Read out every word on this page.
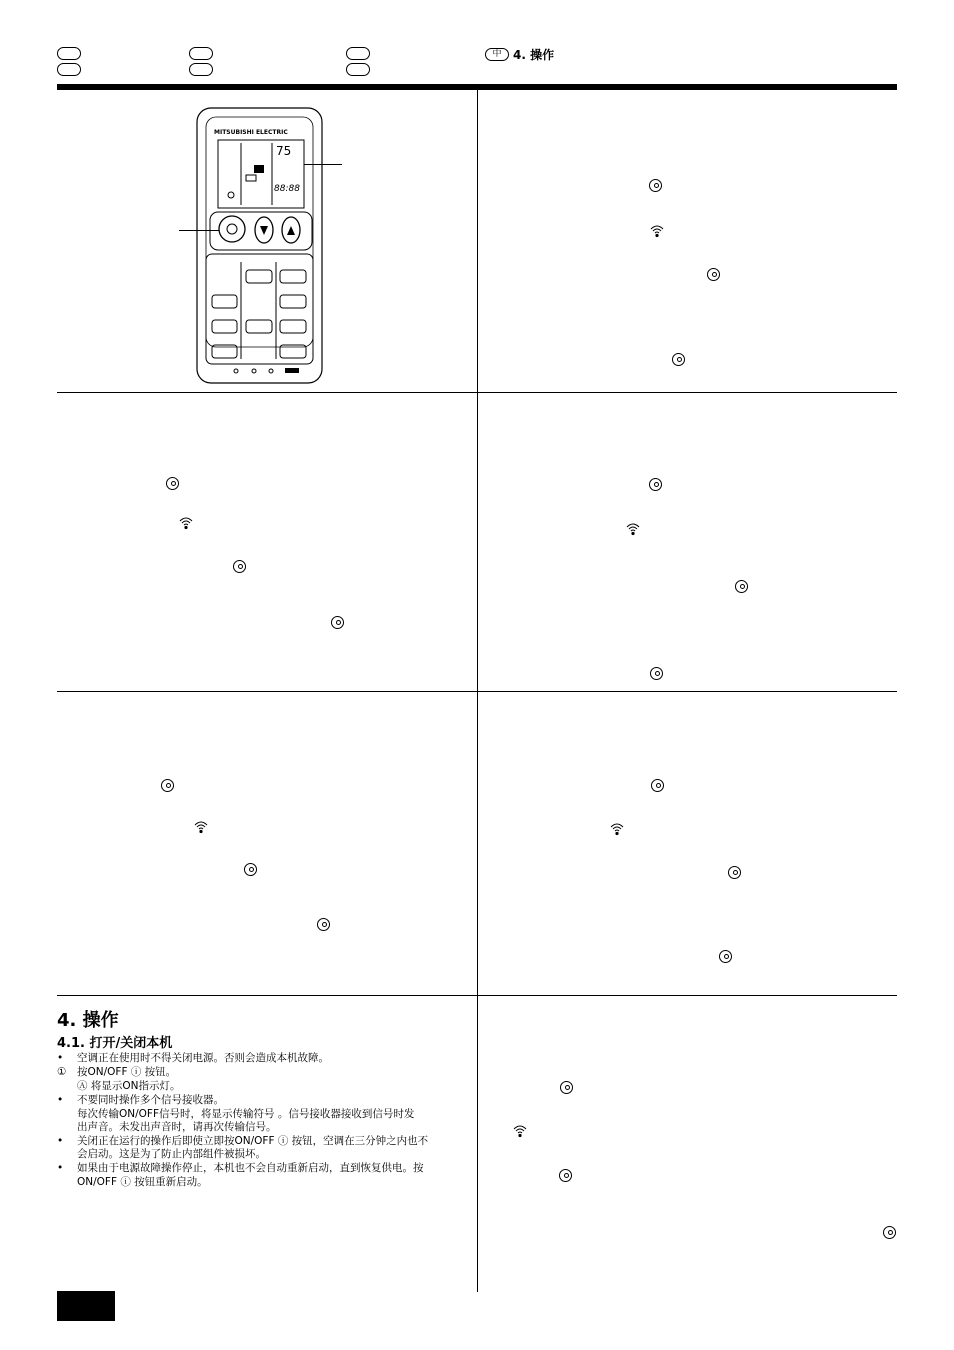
中 4. 操作
MITSUBISHI ELECTRIC
75
88:88
4. 操作
4.1. 打开/关闭本机
•	空调正在使用时不得关闭电源。否则会造成本机故障。
①	按ON/OFF ⓘ 按钮。
Ⓐ 将显示ON指示灯。
•	不要同时操作多个信号接收器。
每次传输ON/OFF信号时，将显示传输符号 。信号接收器接收到信号时发
出声音。未发出声音时，请再次传输信号。
•	关闭正在运行的操作后即使立即按ON/OFF ⓘ 按钮，空调在三分钟之内也不
会启动。这是为了防止内部组件被损坏。
•	如果由于电源故障操作停止，本机也不会自动重新启动，直到恢复供电。按
ON/OFF ⓘ 按钮重新启动。
